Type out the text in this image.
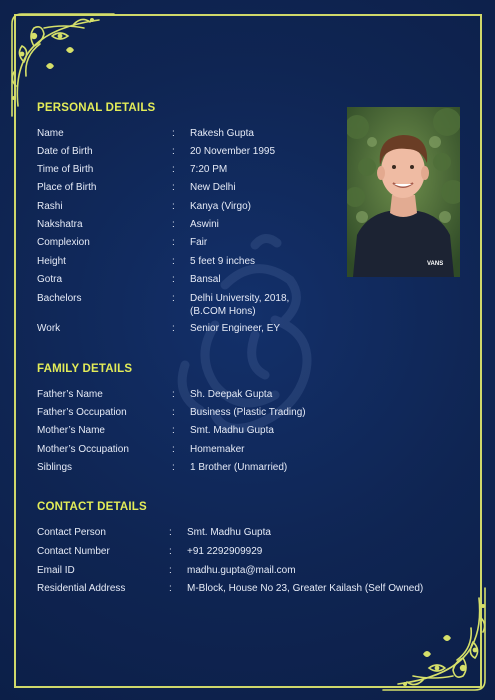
PERSONAL DETAILS
Name	: Rakesh Gupta
Date of Birth	: 20 November 1995
Time of Birth	: 7:20 PM
Place of Birth	: New Delhi
Rashi	: Kanya (Virgo)
Nakshatra	: Aswini
Complexion	: Fair
Height	: 5 feet 9 inches
Gotra	: Bansal
Bachelors	: Delhi University, 2018,
(B.COM Hons)
Work	: Senior Engineer, EY
VANS
FAMILY DETAILS
Father’s Name	: Sh. Deepak Gupta
Father’s Occupation	: Business (Plastic Trading)
Mother’s Name	: Smt. Madhu Gupta
Mother’s Occupation	: Homemaker
Siblings	: 1 Brother (Unmarried)
CONTACT DETAILS
Contact Person	: Smt. Madhu Gupta
Contact Number	: +91 2292909929
Email ID	: madhu.gupta@mail.com
Residential Address	: M-Block, House No 23, Greater Kailash (Self Owned)
